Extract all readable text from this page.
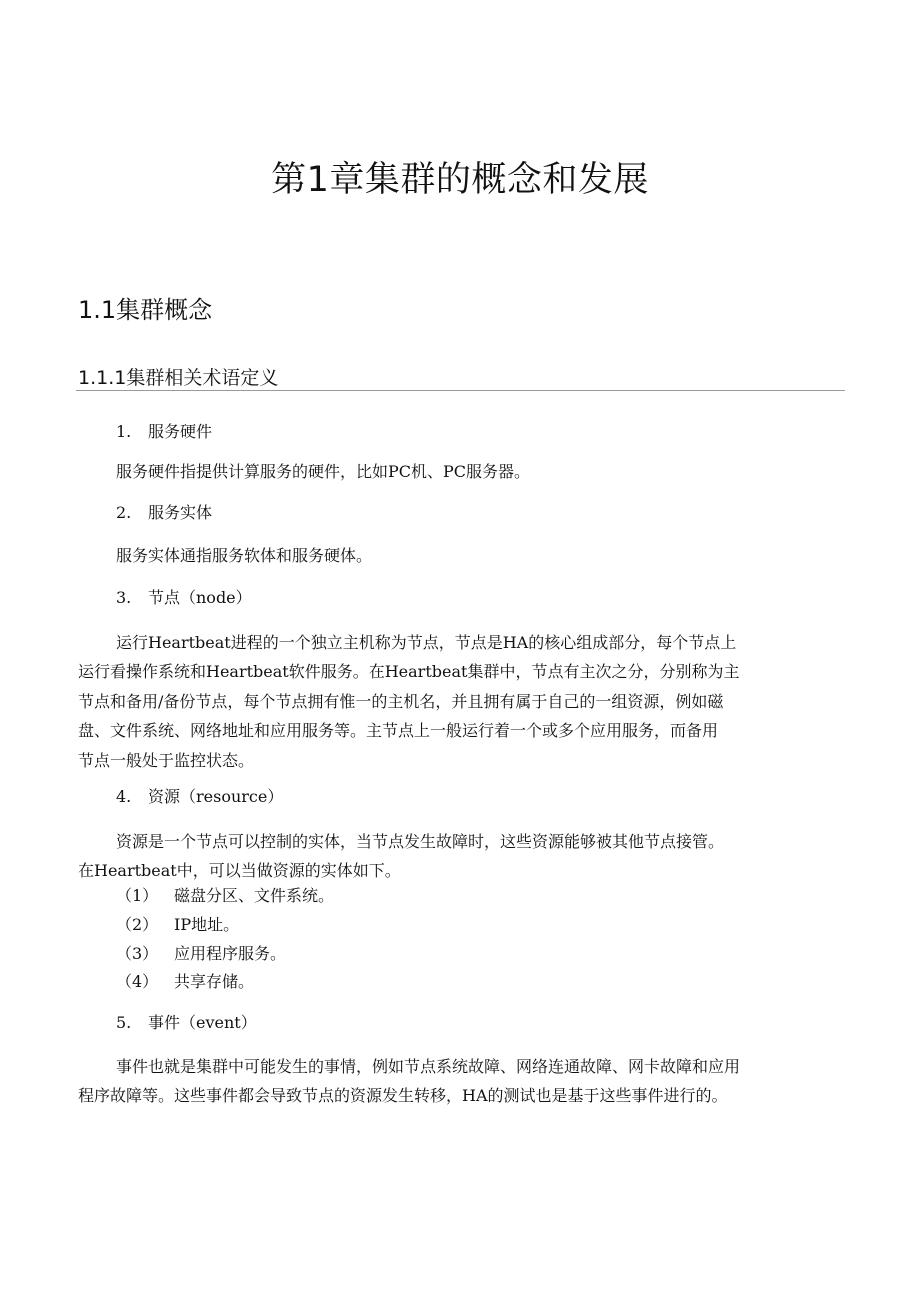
第1章集群的概念和发展
1.1集群概念
1.1.1集群相关术语定义
1. 服务硬件
服务硬件指提供计算服务的硬件，比如PC机、PC服务器。
2. 服务实体
服务实体通指服务软体和服务硬体。
3. 节点（node）
运行Heartbeat进程的一个独立主机称为节点，节点是HA的核心组成部分，每个节点上
运行看操作系统和Heartbeat软件服务。在Heartbeat集群中，节点有主次之分，分别称为主
节点和备用/备份节点，每个节点拥有惟一的主机名，并且拥有属于自己的一组资源，例如磁
盘、文件系统、网络地址和应用服务等。主节点上一般运行着一个或多个应用服务，而备用
节点一般处于监控状态。
4. 资源（resource）
资源是一个节点可以控制的实体，当节点发生故障时，这些资源能够被其他节点接管。
在Heartbeat中，可以当做资源的实体如下。
（1） 磁盘分区、文件系统。
（2） IP地址。
（3） 应用程序服务。
（4） 共享存储。
5. 事件（event）
事件也就是集群中可能发生的事情，例如节点系统故障、网络连通故障、网卡故障和应用
程序故障等。这些事件都会导致节点的资源发生转移，HA的测试也是基于这些事件进行的。
